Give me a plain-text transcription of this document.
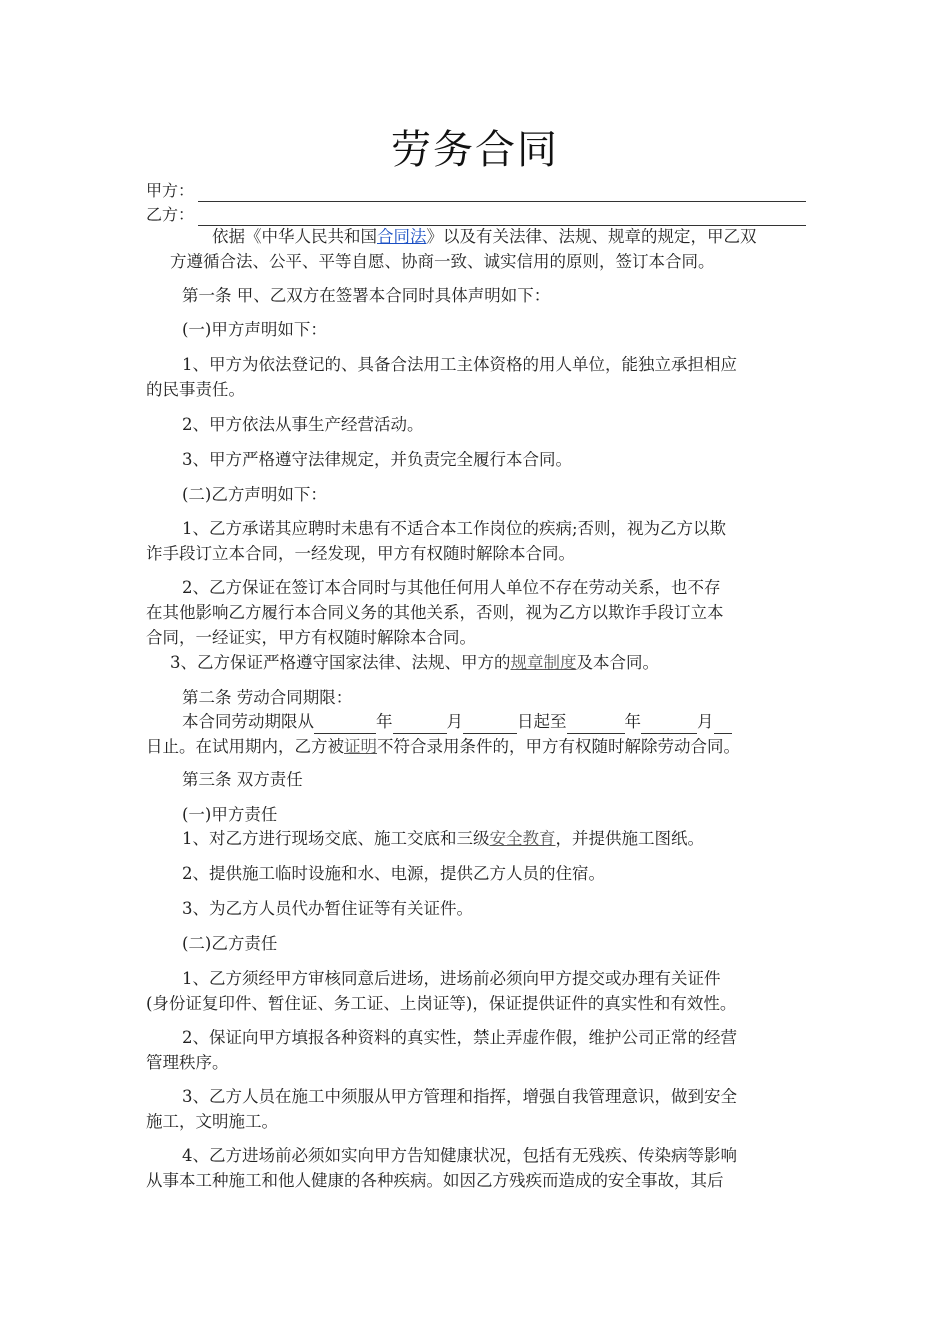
劳务合同
甲方：
乙方：
依据《中华人民共和国合同法》以及有关法律、法规、规章的规定，甲乙双
方遵循合法、公平、平等自愿、协商一致、诚实信用的原则，签订本合同。
第一条 甲、乙双方在签署本合同时具体声明如下：
(一)甲方声明如下：
1、甲方为依法登记的、具备合法用工主体资格的用人单位，能独立承担相应
的民事责任。
2、甲方依法从事生产经营活动。
3、甲方严格遵守法律规定，并负责完全履行本合同。
(二)乙方声明如下：
1、乙方承诺其应聘时未患有不适合本工作岗位的疾病;否则，视为乙方以欺
诈手段订立本合同，一经发现，甲方有权随时解除本合同。
2、乙方保证在签订本合同时与其他任何用人单位不存在劳动关系，也不存
在其他影响乙方履行本合同义务的其他关系，否则，视为乙方以欺诈手段订立本
合同，一经证实，甲方有权随时解除本合同。
3、乙方保证严格遵守国家法律、法规、甲方的规章制度及本合同。
第二条 劳动合同期限：
本合同劳动期限从	年	月	日起至	年	月
日止。在试用期内，乙方被证明不符合录用条件的，甲方有权随时解除劳动合同。
第三条 双方责任
(一)甲方责任
1、对乙方进行现场交底、施工交底和三级安全教育，并提供施工图纸。
2、提供施工临时设施和水、电源，提供乙方人员的住宿。
3、为乙方人员代办暂住证等有关证件。
(二)乙方责任
1、乙方须经甲方审核同意后进场，进场前必须向甲方提交或办理有关证件
(身份证复印件、暂住证、务工证、上岗证等)，保证提供证件的真实性和有效性。
2、保证向甲方填报各种资料的真实性，禁止弄虚作假，维护公司正常的经营
管理秩序。
3、乙方人员在施工中须服从甲方管理和指挥，增强自我管理意识，做到安全
施工，文明施工。
4、乙方进场前必须如实向甲方告知健康状况，包括有无残疾、传染病等影响
从事本工种施工和他人健康的各种疾病。如因乙方残疾而造成的安全事故，其后
